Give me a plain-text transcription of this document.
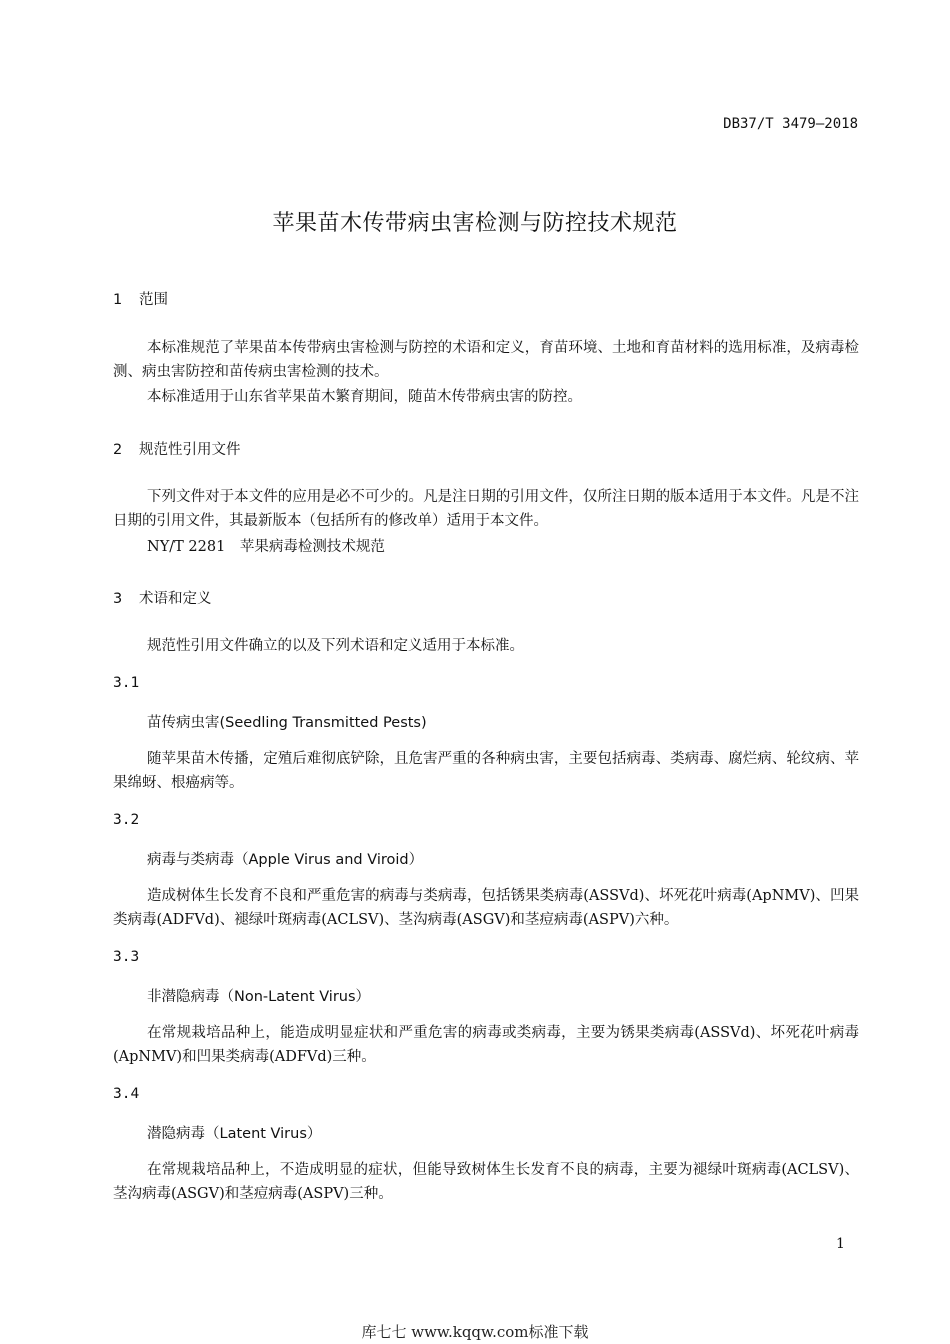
DB37/T 3479—2018
苹果苗木传带病虫害检测与防控技术规范
1 范围
本标准规范了苹果苗本传带病虫害检测与防控的术语和定义，育苗环境、土地和育苗材料的选用标准，及病毒检测、病虫害防控和苗传病虫害检测的技术。
本标准适用于山东省苹果苗木繁育期间，随苗木传带病虫害的防控。
2 规范性引用文件
下列文件对于本文件的应用是必不可少的。凡是注日期的引用文件，仅所注日期的版本适用于本文件。凡是不注日期的引用文件，其最新版本（包括所有的修改单）适用于本文件。
NY/T 2281　苹果病毒检测技术规范
3 术语和定义
规范性引用文件确立的以及下列术语和定义适用于本标准。
3.1
苗传病虫害(Seedling Transmitted Pests)
随苹果苗木传播，定殖后难彻底铲除，且危害严重的各种病虫害，主要包括病毒、类病毒、腐烂病、轮纹病、苹果绵蚜、根癌病等。
3.2
病毒与类病毒（Apple Virus and Viroid）
造成树体生长发育不良和严重危害的病毒与类病毒，包括锈果类病毒(ASSVd)、坏死花叶病毒(ApNMV)、凹果类病毒(ADFVd)、褪绿叶斑病毒(ACLSV)、茎沟病毒(ASGV)和茎痘病毒(ASPV)六种。
3.3
非潜隐病毒（Non-Latent Virus）
在常规栽培品种上，能造成明显症状和严重危害的病毒或类病毒，主要为锈果类病毒(ASSVd)、坏死花叶病毒(ApNMV)和凹果类病毒(ADFVd)三种。
3.4
潜隐病毒（Latent Virus）
在常规栽培品种上，不造成明显的症状，但能导致树体生长发育不良的病毒，主要为褪绿叶斑病毒(ACLSV)、茎沟病毒(ASGV)和茎痘病毒(ASPV)三种。
1
库七七 www.kqqw.com标准下载
